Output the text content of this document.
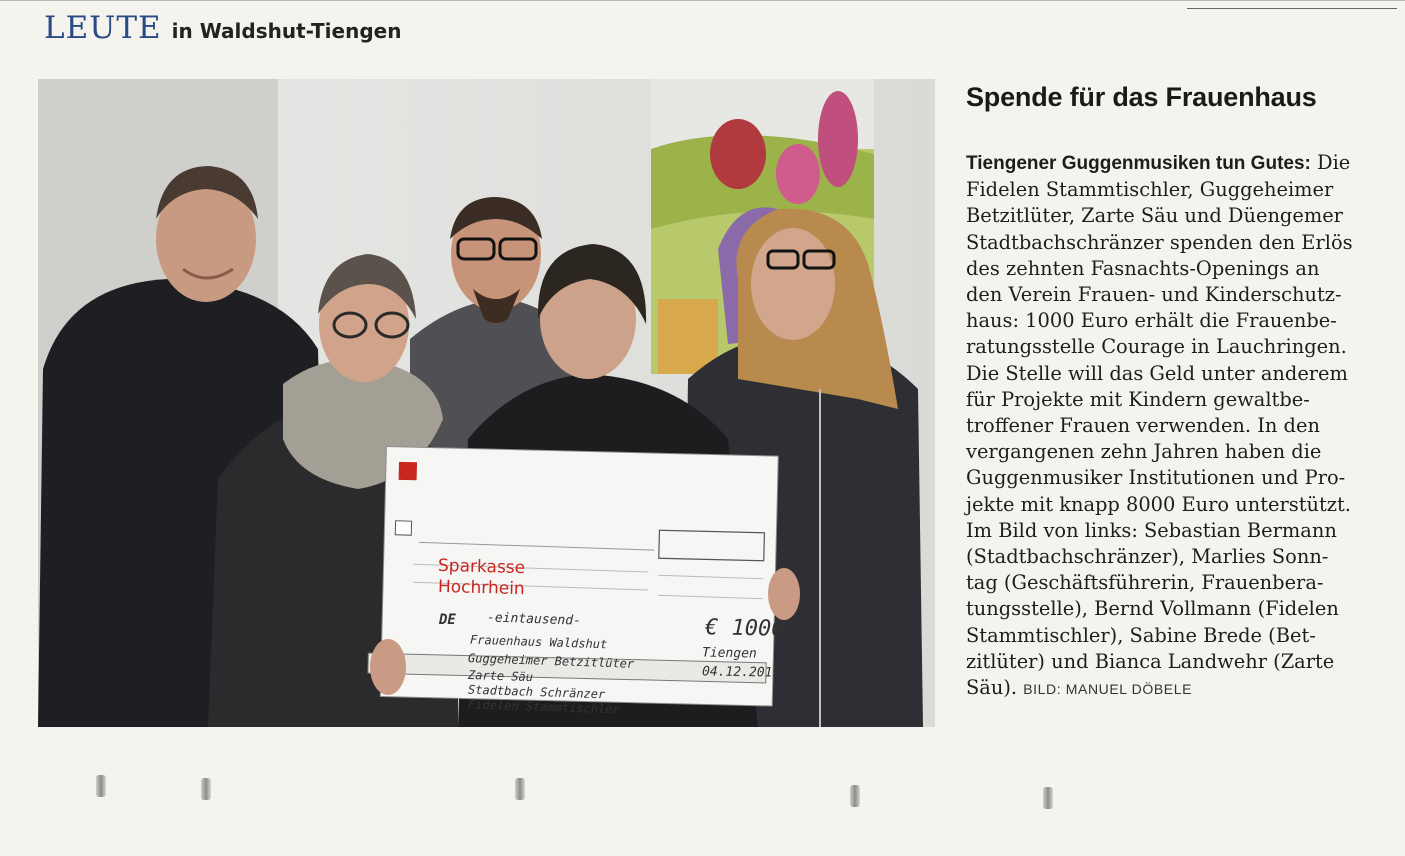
LEUTE in Waldshut-Tiengen
Sparkasse
Hochrhein
DE -eintausend-	€ 1000
Frauenhaus Waldshut
Guggeheimer Betzitlüter
Zarte Säu
Stadtbach Schränzer
Fidelen Stammtischler
Tiengen
04.12.2019
Spende für das Frauenhaus
Tiengener Guggenmusiken tun Gutes: Die
Fidelen Stammtischler, Guggeheimer
Betzitlüter, Zarte Säu und Düengemer
Stadtbachschränzer spenden den Erlös
des zehnten Fasnachts-Openings an
den Verein Frauen- und Kinderschutz-
haus: 1000 Euro erhält die Frauenbe-
ratungsstelle Courage in Lauchringen.
Die Stelle will das Geld unter anderem
für Projekte mit Kindern gewaltbe-
troffener Frauen verwenden. In den
vergangenen zehn Jahren haben die
Guggenmusiker Institutionen und Pro-
jekte mit knapp 8000 Euro unterstützt.
Im Bild von links: Sebastian Bermann
(Stadtbachschränzer), Marlies Sonn-
tag (Geschäftsführerin, Frauenbera-
tungsstelle), Bernd Vollmann (Fidelen
Stammtischler), Sabine Brede (Bet-
zitlüter) und Bianca Landwehr (Zarte
Säu). BILD: MANUEL DÖBELE
